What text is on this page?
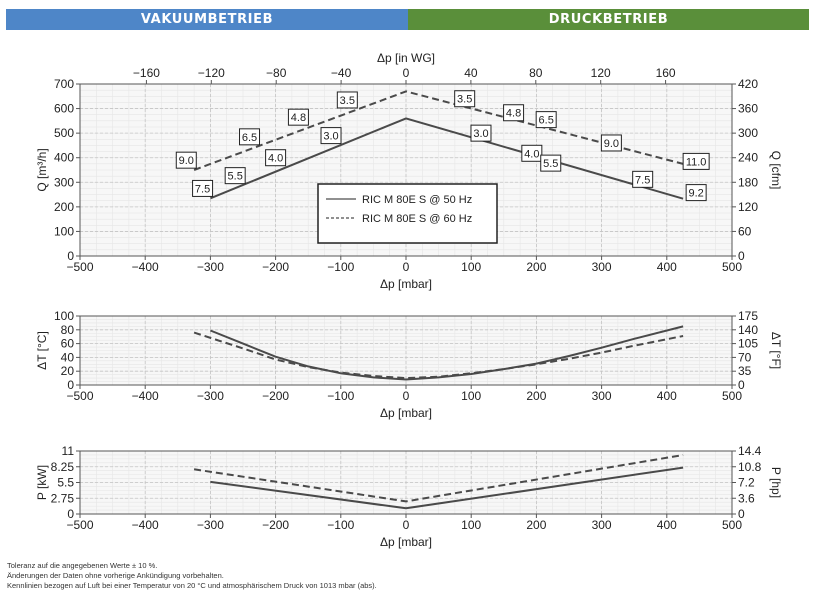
VAKUUMBETRIEB	DRUCKBETRIEB
−500	−400	−300	−200	−100	0	100	200	300	400	500
0
100
200
300
400
500
600
700
0
60
120
180
240
300
360
420
−160	−120	−80	−40	0	40	80	120	160
Δp [in WG]
Δp [mbar]
Q [m³/h]	Q [cfm]
7.5
5.5
4.0
3.0
9.0
6.5
4.8
3.5	3.5
3.0
4.8
4.0
6.5
5.5
9.0
7.5
11.0
9.2
RIC M 80E S @ 50 Hz
RIC M 80E S @ 60 Hz
−500	−400	−300	−200	−100	0	100	200	300	400	500
0
20
40
60
80
100
0
35
70
105
140
175
Δp [mbar]
ΔT [°C]	ΔT [°F]
−500	−400	−300	−200	−100	0	100	200	300	400	500
0
2.75
5.5
8.25
11
0
3.6
7.2
10.8
14.4
Δp [mbar]
P [kW]	P [hp]
Toleranz auf die angegebenen Werte ± 10 %.
Änderungen der Daten ohne vorherige Ankündigung vorbehalten.
Kennlinien bezogen auf Luft bei einer Temperatur von 20 °C und atmosphärischem Druck von 1013 mbar (abs).
